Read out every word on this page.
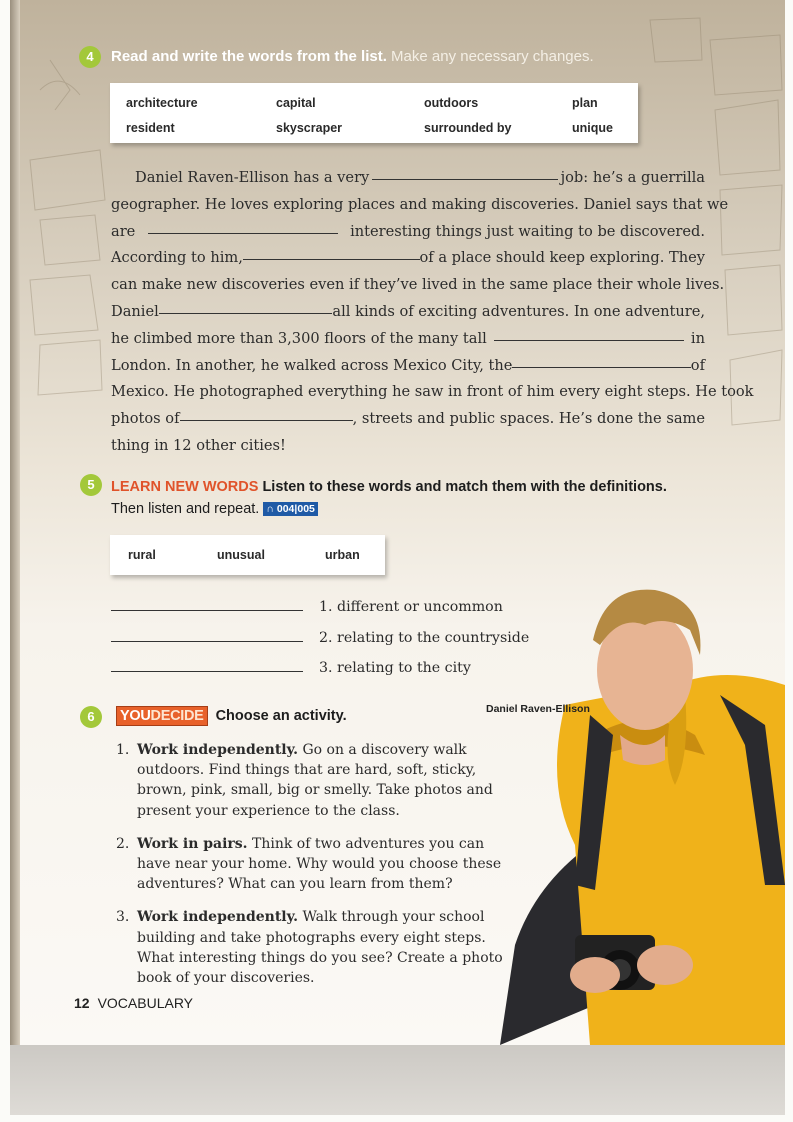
4	Read and write the words from the list. Make any necessary changes.
architecture	capital	outdoors	plan
resident	skyscraper	surrounded by	unique
Daniel Raven-Ellison has a very	job: he’s a guerrilla
geographer. He loves exploring places and making discoveries. Daniel says that we
are	interesting things just waiting to be discovered.
According to him,	of a place should keep exploring. They
can make new discoveries even if they’ve lived in the same place their whole lives.
Daniel	all kinds of exciting adventures. In one adventure,
he climbed more than 3,300 floors of the many tall	in
London. In another, he walked across Mexico City, the	of
Mexico. He photographed everything he saw in front of him every eight steps. He took
photos of	, streets and public spaces. He’s done the same
thing in 12 other cities!
5	LEARN NEW WORDS Listen to these words and match them with the definitions. Then listen and repeat. ∩ 004|005
rural	unusual	urban
1. different or uncommon
2. relating to the countryside
3. relating to the city
Daniel Raven-Ellison
6	YOUDECIDE Choose an activity.
1. Work independently. Go on a discovery walk outdoors. Find things that are hard, soft, sticky, brown, pink, small, big or smelly. Take photos and present your experience to the class.
2. Work in pairs. Think of two adventures you can have near your home. Why would you choose these adventures? What can you learn from them?
3. Work independently. Walk through your school building and take photographs every eight steps. What interesting things do you see? Create a photo book of your discoveries.
12 VOCABULARY
